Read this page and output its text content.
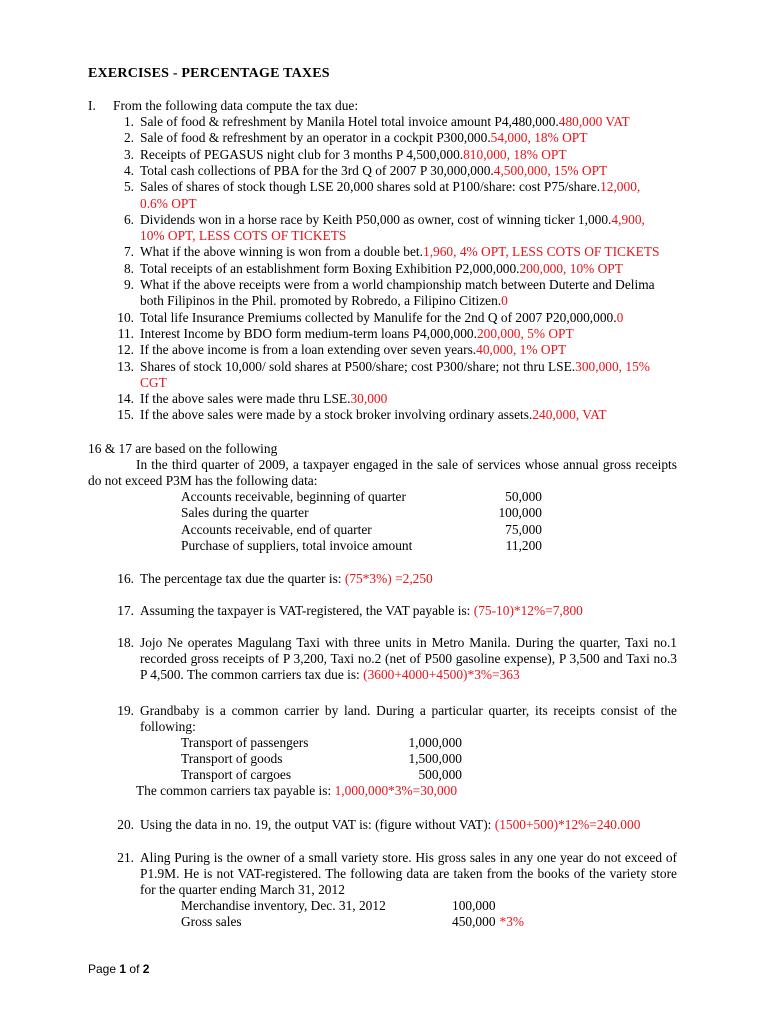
EXERCISES - PERCENTAGE TAXES
I. From the following data compute the tax due:
1. Sale of food & refreshment by Manila Hotel total invoice amount P4,480,000.480,000 VAT
2. Sale of food & refreshment by an operator in a cockpit P300,000.54,000, 18% OPT
3. Receipts of PEGASUS night club for 3 months P 4,500,000.810,000, 18% OPT
4. Total cash collections of PBA for the 3rd Q of 2007 P 30,000,000.4,500,000, 15% OPT
5. Sales of shares of stock though LSE 20,000 shares sold at P100/share: cost P75/share.12,000,
0.6% OPT
6. Dividends won in a horse race by Keith P50,000 as owner, cost of winning ticker 1,000.4,900,
10% OPT, LESS COTS OF TICKETS
7. What if the above winning is won from a double bet.1,960, 4% OPT, LESS COTS OF TICKETS
8. Total receipts of an establishment form Boxing Exhibition P2,000,000.200,000, 10% OPT
9. What if the above receipts were from a world championship match between Duterte and Delima
both Filipinos in the Phil. promoted by Robredo, a Filipino Citizen.0
10. Total life Insurance Premiums collected by Manulife for the 2nd Q of 2007 P20,000,000.0
11. Interest Income by BDO form medium-term loans P4,000,000.200,000, 5% OPT
12. If the above income is from a loan extending over seven years.40,000, 1% OPT
13. Shares of stock 10,000/ sold shares at P500/share; cost P300/share; not thru LSE.300,000, 15%
CGT
14. If the above sales were made thru LSE.30,000
15. If the above sales were made by a stock broker involving ordinary assets.240,000, VAT
16 & 17 are based on the following
In the third quarter of 2009, a taxpayer engaged in the sale of services whose annual gross receipts do not exceed P3M has the following data:
Accounts receivable, beginning of quarter	50,000
Sales during the quarter	100,000
Accounts receivable, end of quarter	75,000
Purchase of suppliers, total invoice amount	11,200
16. The percentage tax due the quarter is: (75*3%) =2,250
17. Assuming the taxpayer is VAT-registered, the VAT payable is: (75-10)*12%=7,800
18. Jojo Ne operates Magulang Taxi with three units in Metro Manila. During the quarter, Taxi no.1 recorded gross receipts of P 3,200, Taxi no.2 (net of P500 gasoline expense), P 3,500 and Taxi no.3 P 4,500. The common carriers tax due is: (3600+4000+4500)*3%=363
19. Grandbaby is a common carrier by land. During a particular quarter, its receipts consist of the following:
Transport of passengers	1,000,000
Transport of goods	1,500,000
Transport of cargoes	500,000
The common carriers tax payable is: 1,000,000*3%=30,000
20. Using the data in no. 19, the output VAT is: (figure without VAT): (1500+500)*12%=240.000
21. Aling Puring is the owner of a small variety store. His gross sales in any one year do not exceed of P1.9M. He is not VAT-registered. The following data are taken from the books of the variety store for the quarter ending March 31, 2012
Merchandise inventory, Dec. 31, 2012	100,000
Gross sales	450,000 *3%
Page 1 of 2
